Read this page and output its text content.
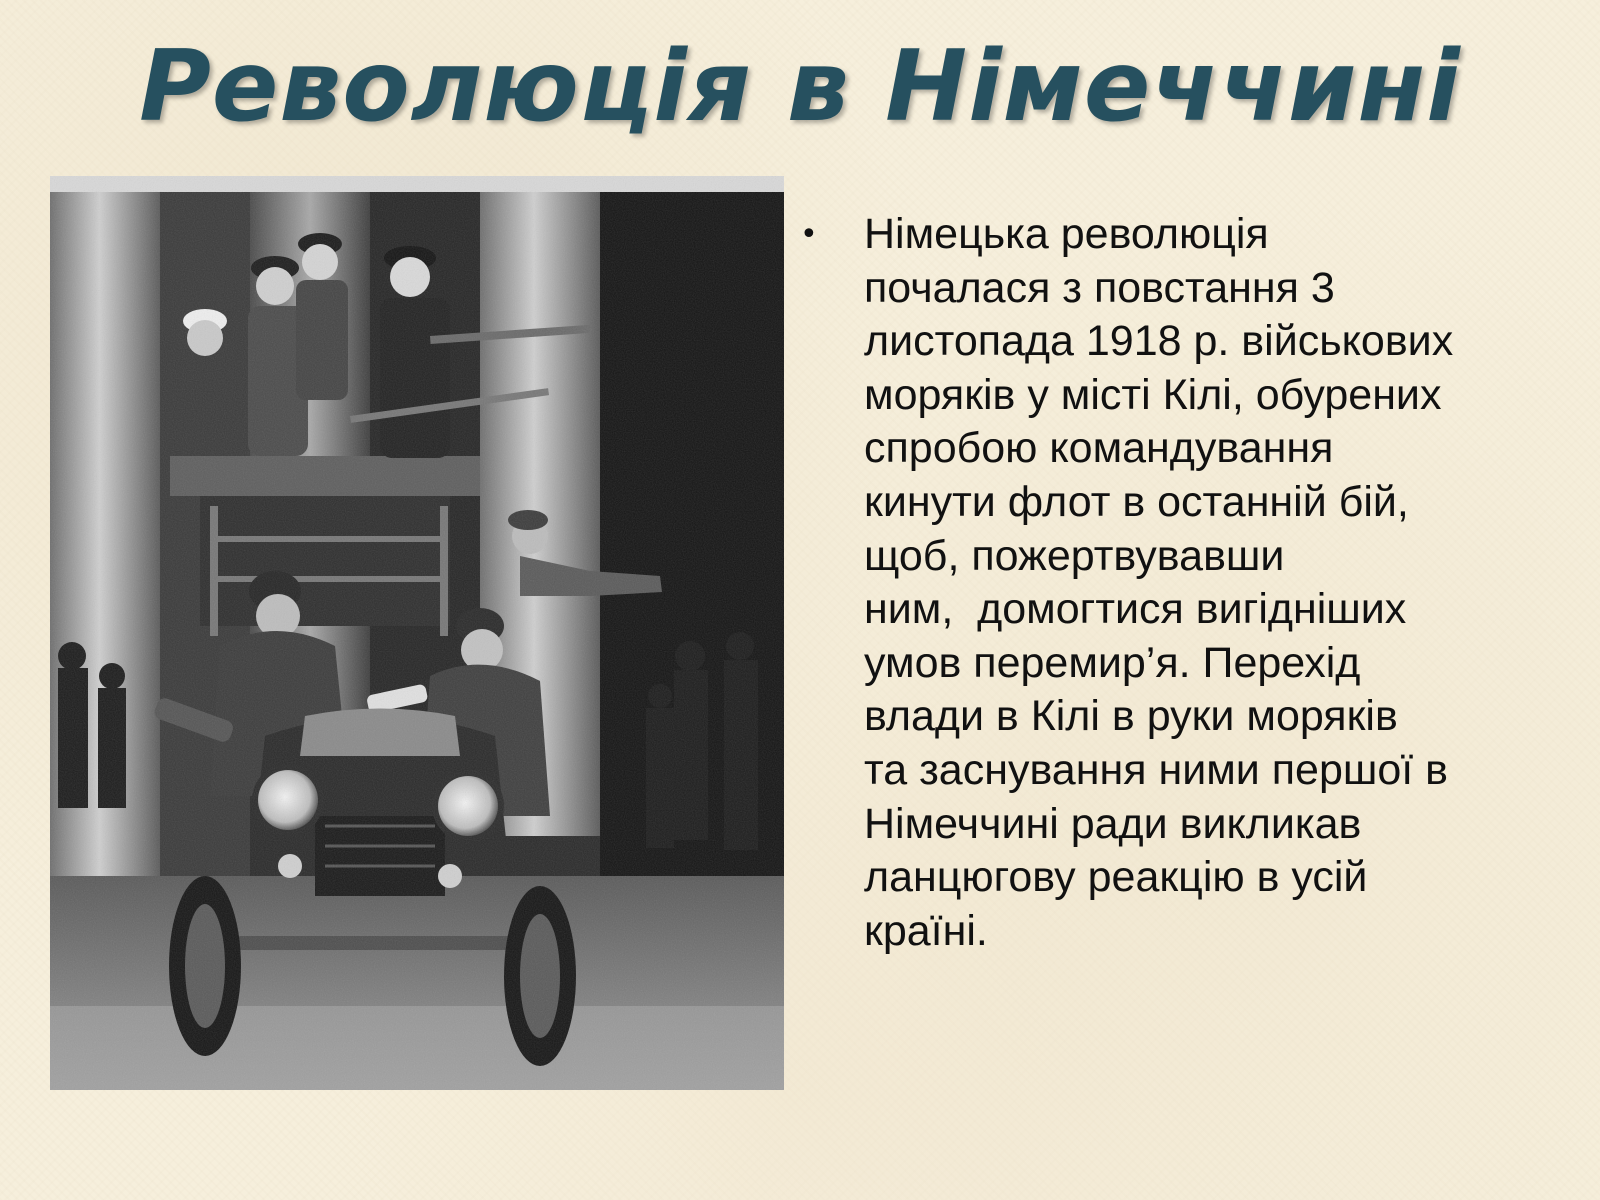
Революція в Німеччині
•	Німецька революція
почалася з повстання 3
листопада 1918 р. військових
моряків у місті Кілі, обурених
спробою командування
кинути флот в останній бій,
щоб, пожертвувавши
ним,  домогтися вигідніших
умов перемир’я. Перехід
влади в Кілі в руки моряків
та заснування ними першої в
Німеччині ради викликав
ланцюгову реакцію в усій
країні.
